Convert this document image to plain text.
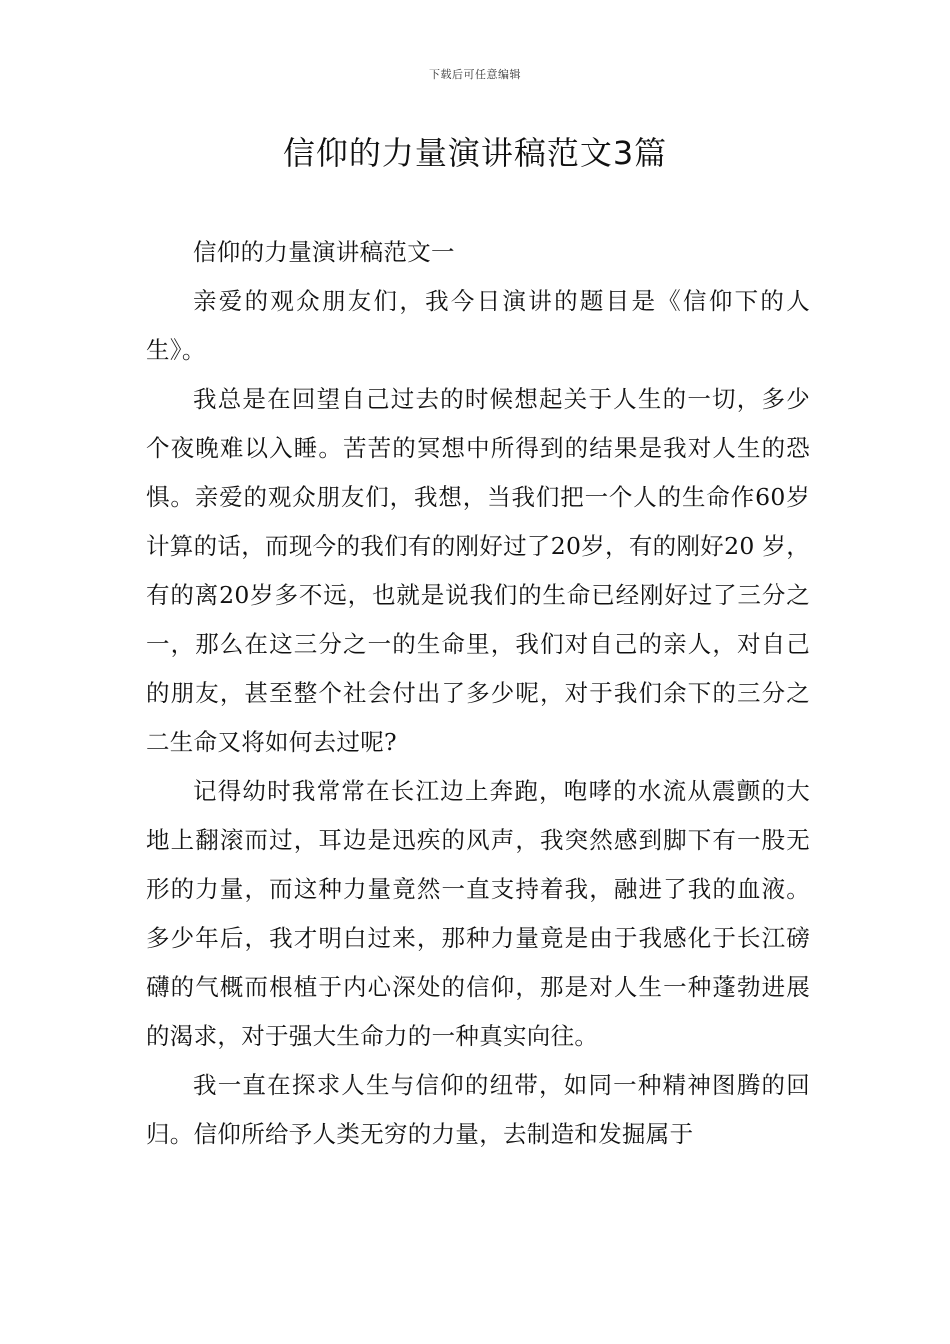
下载后可任意编辑
信仰的力量演讲稿范文3篇

信仰的力量演讲稿范文一

亲爱的观众朋友们，我今日演讲的题目是《信仰下的人生》。

我总是在回望自己过去的时候想起关于人生的一切，多少个夜晚难以入睡。苦苦的冥想中所得到的结果是我对人生的恐惧。亲爱的观众朋友们，我想，当我们把一个人的生命作60岁计算的话，而现今的我们有的刚好过了20岁，有的刚好20 岁，有的离20岁多不远，也就是说我们的生命已经刚好过了三分之一，那么在这三分之一的生命里，我们对自己的亲人，对自己的朋友，甚至整个社会付出了多少呢，对于我们余下的三分之二生命又将如何去过呢?

记得幼时我常常在长江边上奔跑，咆哮的水流从震颤的大地上翻滚而过，耳边是迅疾的风声，我突然感到脚下有一股无形的力量，而这种力量竟然一直支持着我，融进了我的血液。多少年后，我才明白过来，那种力量竟是由于我感化于长江磅礴的气概而根植于内心深处的信仰，那是对人生一种蓬勃进展的渴求，对于强大生命力的一种真实向往。

我一直在探求人生与信仰的纽带，如同一种精神图腾的回归。信仰所给予人类无穷的力量，去制造和发掘属于
